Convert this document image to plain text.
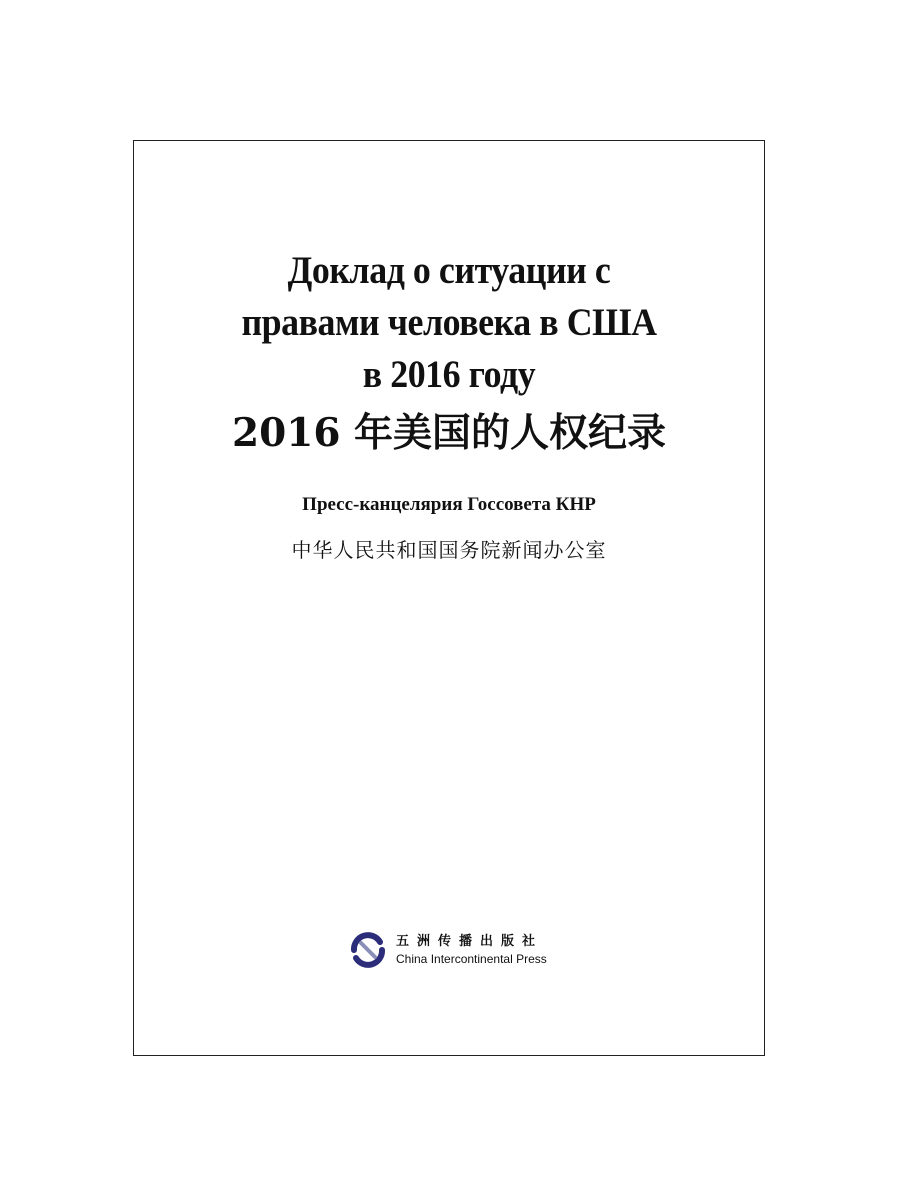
Доклад о ситуации с
правами человека в США
в 2016 году
2016 年美国的人权纪录
Пресс-канцелярия Госсовета КНР
中华人民共和国国务院新闻办公室
五洲传播出版社
China Intercontinental Press
